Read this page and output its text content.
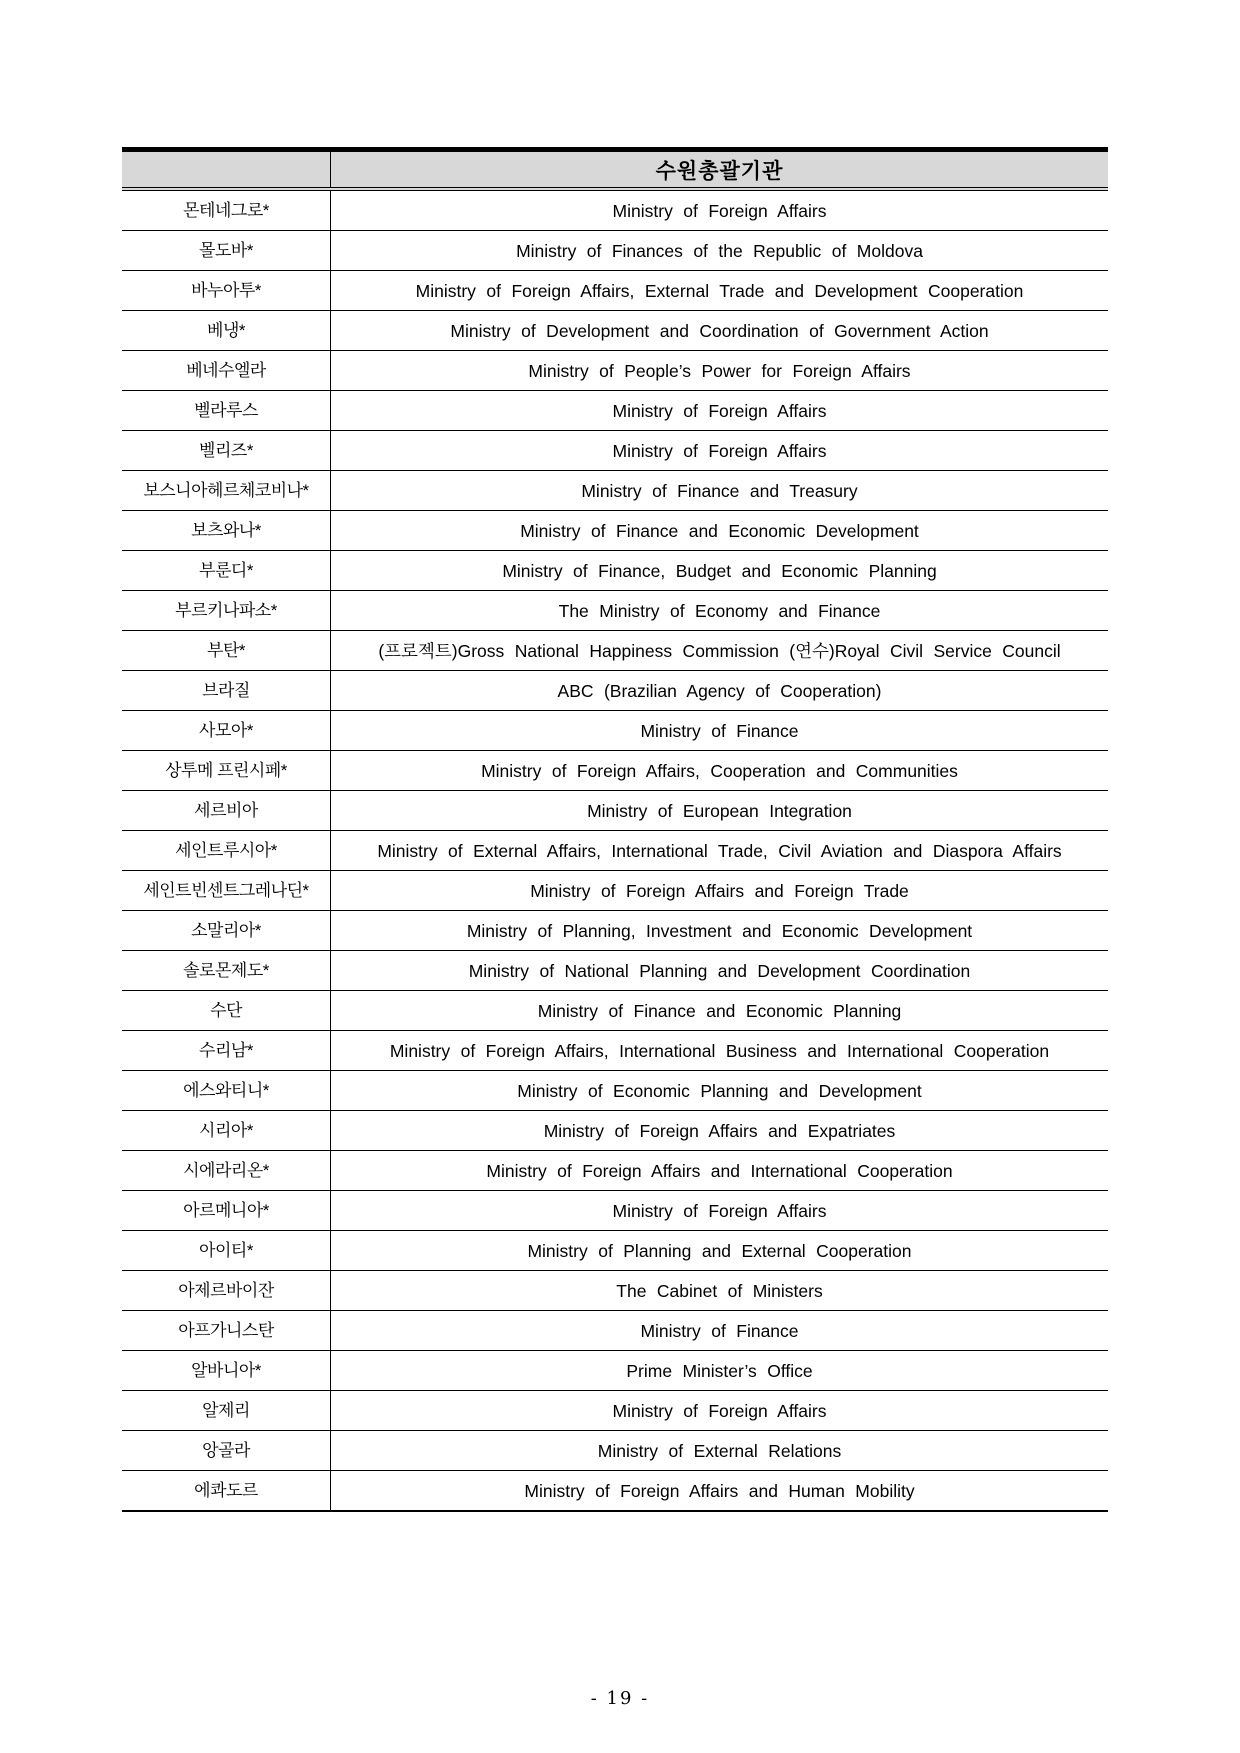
수원총괄기관
몬테네그로*	Ministry of Foreign Affairs
몰도바*	Ministry of Finances of the Republic of Moldova
바누아투*	Ministry of Foreign Affairs, External Trade and Development Cooperation
베냉*	Ministry of Development and Coordination of Government Action
베네수엘라	Ministry of People’s Power for Foreign Affairs
벨라루스	Ministry of Foreign Affairs
벨리즈*	Ministry of Foreign Affairs
보스니아헤르체코비나*	Ministry of Finance and Treasury
보츠와나*	Ministry of Finance and Economic Development
부룬디*	Ministry of Finance, Budget and Economic Planning
부르키나파소*	The Ministry of Economy and Finance
부탄*	(프로젝트)Gross National Happiness Commission (연수)Royal Civil Service Council
브라질	ABC (Brazilian Agency of Cooperation)
사모아*	Ministry of Finance
상투메 프린시페*	Ministry of Foreign Affairs, Cooperation and Communities
세르비아	Ministry of European Integration
세인트루시아*	Ministry of External Affairs, International Trade, Civil Aviation and Diaspora Affairs
세인트빈센트그레나딘*	Ministry of Foreign Affairs and Foreign Trade
소말리아*	Ministry of Planning, Investment and Economic Development
솔로몬제도*	Ministry of National Planning and Development Coordination
수단	Ministry of Finance and Economic Planning
수리남*	Ministry of Foreign Affairs, International Business and International Cooperation
에스와티니*	Ministry of Economic Planning and Development
시리아*	Ministry of Foreign Affairs and Expatriates
시에라리온*	Ministry of Foreign Affairs and International Cooperation
아르메니아*	Ministry of Foreign Affairs
아이티*	Ministry of Planning and External Cooperation
아제르바이잔	The Cabinet of Ministers
아프가니스탄	Ministry of Finance
알바니아*	Prime Minister’s Office
알제리	Ministry of Foreign Affairs
앙골라	Ministry of External Relations
에콰도르	Ministry of Foreign Affairs and Human Mobility
- 19 -
